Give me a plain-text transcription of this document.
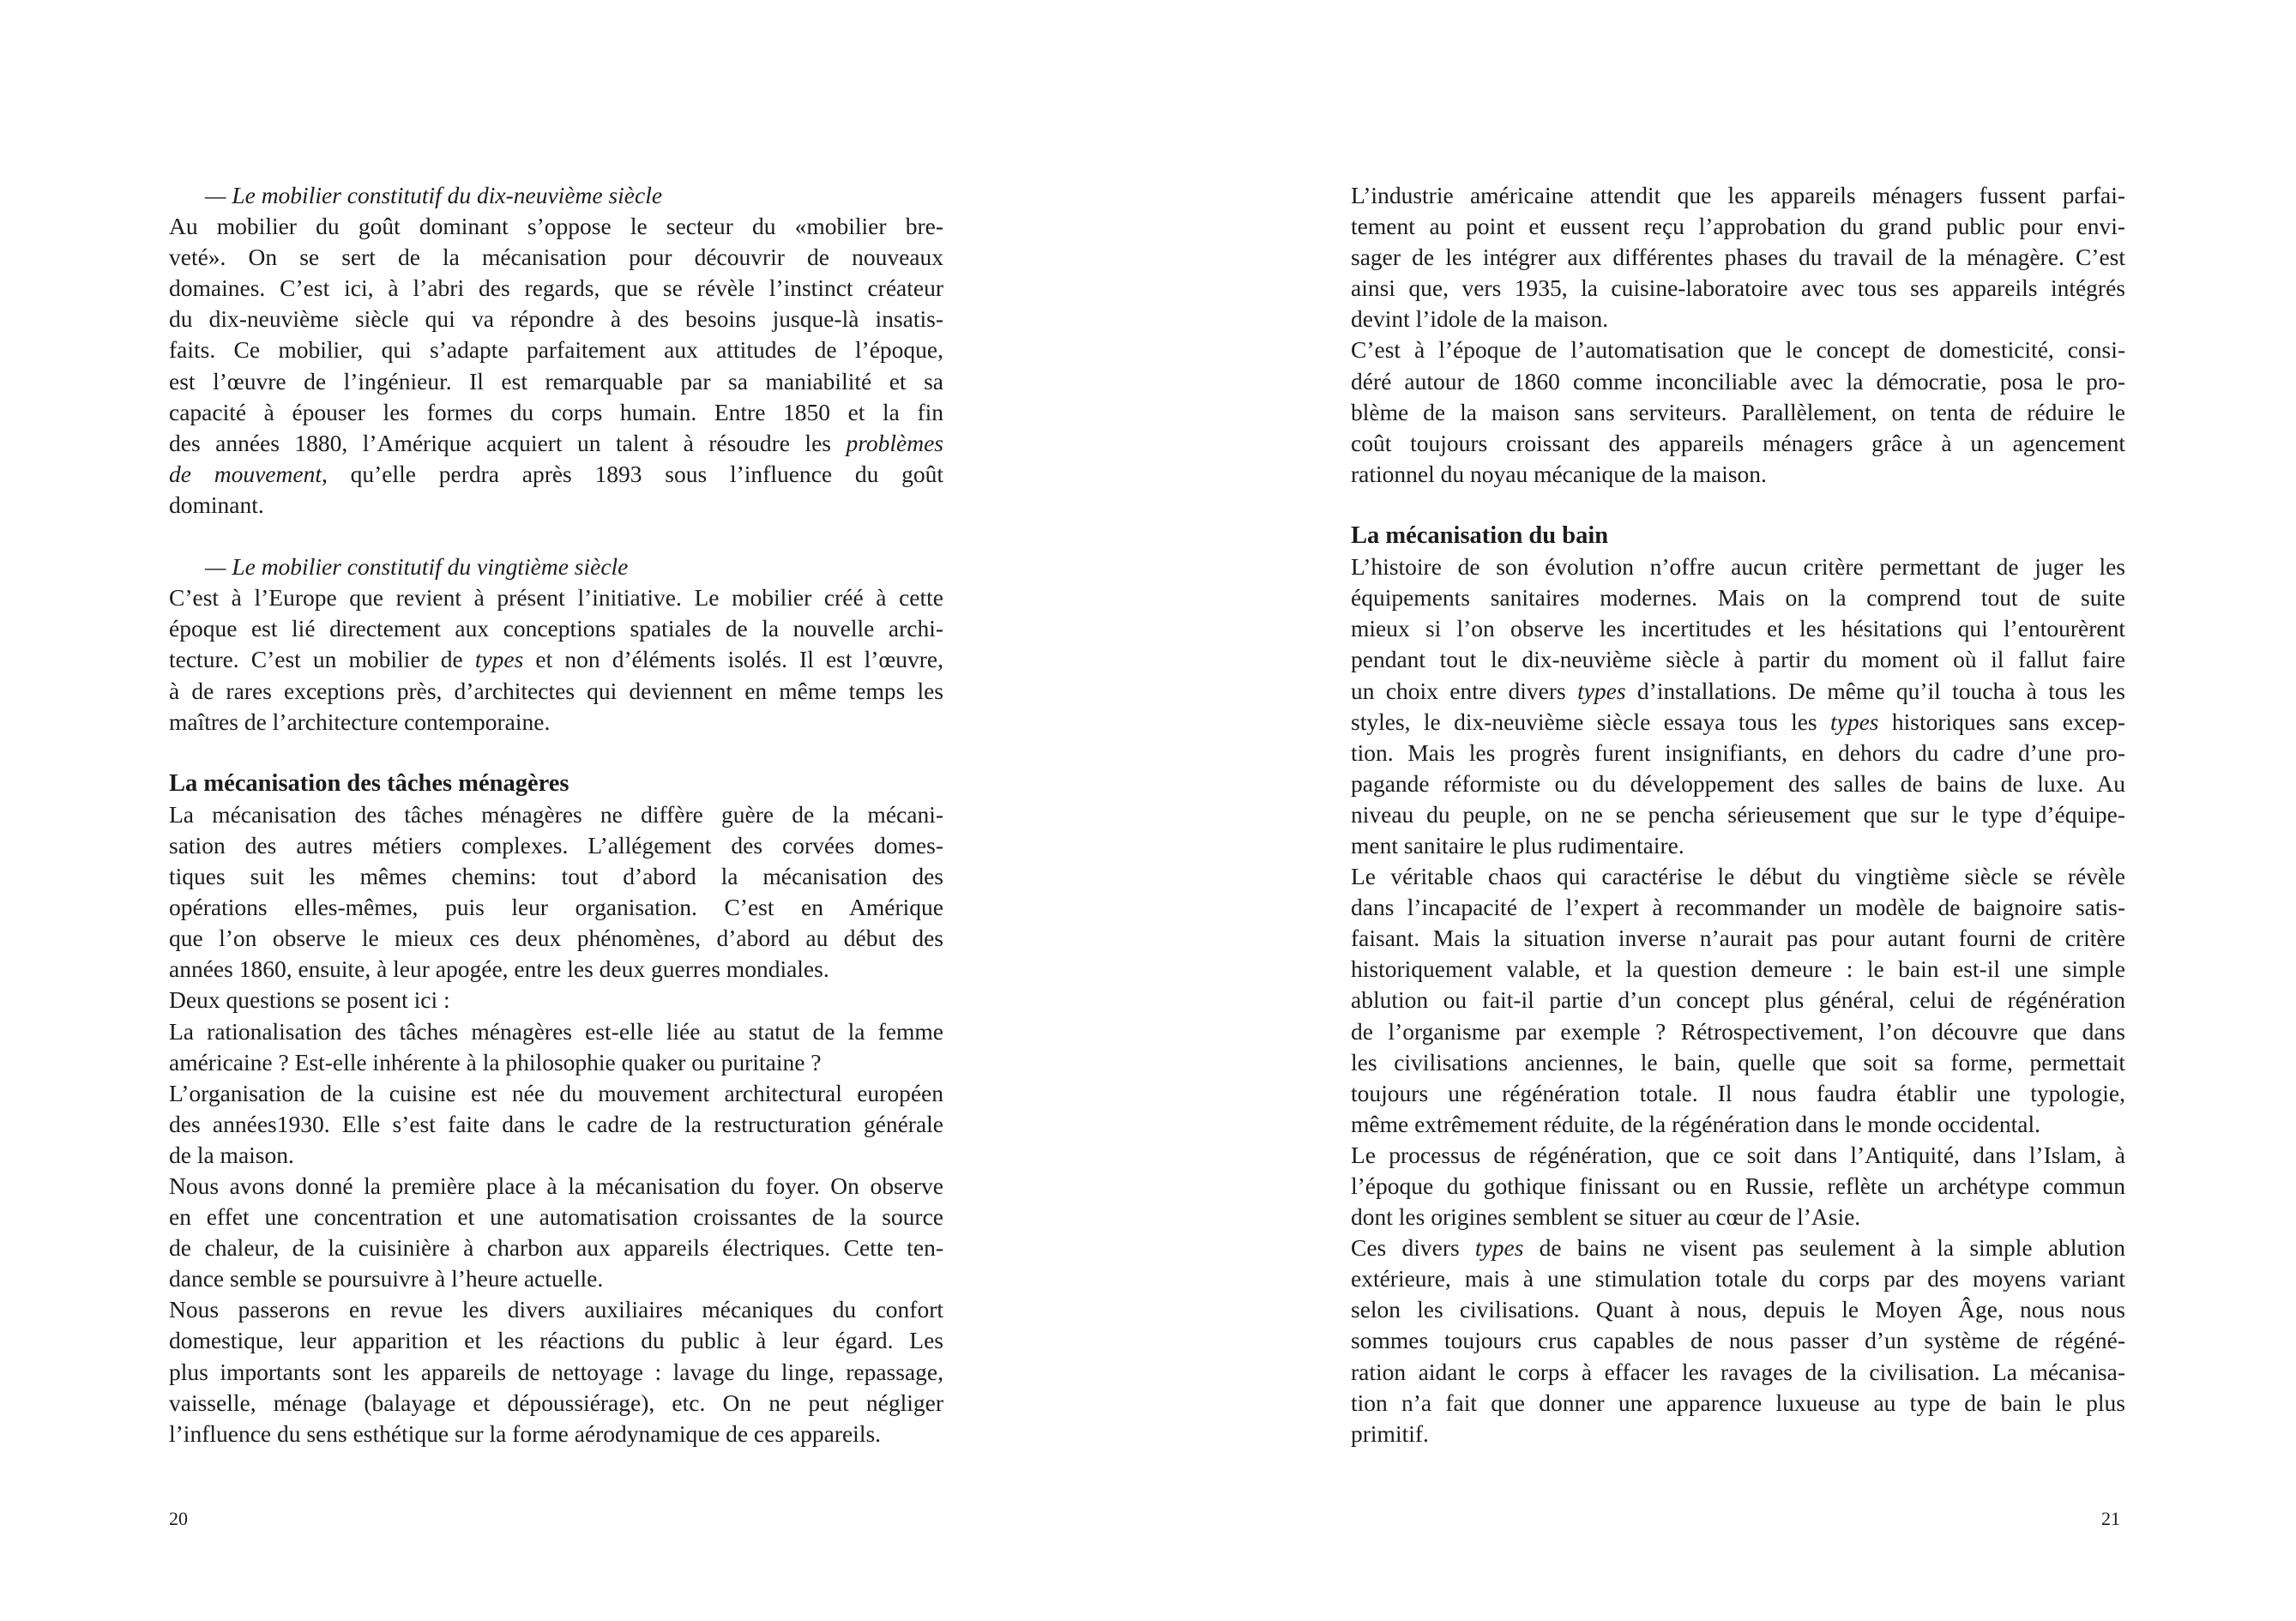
— Le mobilier constitutif du dix-neuvième siècle
Au mobilier du goût dominant s’oppose le secteur du «mobilier bre-
veté». On se sert de la mécanisation pour découvrir de nouveaux
domaines. C’est ici, à l’abri des regards, que se révèle l’instinct créateur
du dix-neuvième siècle qui va répondre à des besoins jusque-là insatis-
faits. Ce mobilier, qui s’adapte parfaitement aux attitudes de l’époque,
est l’œuvre de l’ingénieur. Il est remarquable par sa maniabilité et sa
capacité à épouser les formes du corps humain. Entre 1850 et la fin
des années 1880, l’Amérique acquiert un talent à résoudre les problèmes
de mouvement, qu’elle perdra après 1893 sous l’influence du goût
dominant.
— Le mobilier constitutif du vingtième siècle
C’est à l’Europe que revient à présent l’initiative. Le mobilier créé à cette
époque est lié directement aux conceptions spatiales de la nouvelle archi-
tecture. C’est un mobilier de types et non d’éléments isolés. Il est l’œuvre,
à de rares exceptions près, d’architectes qui deviennent en même temps les
maîtres de l’architecture contemporaine.
La mécanisation des tâches ménagères
La mécanisation des tâches ménagères ne diffère guère de la mécani-
sation des autres métiers complexes. L’allégement des corvées domes-
tiques suit les mêmes chemins: tout d’abord la mécanisation des
opérations elles-mêmes, puis leur organisation. C’est en Amérique
que l’on observe le mieux ces deux phénomènes, d’abord au début des
années 1860, ensuite, à leur apogée, entre les deux guerres mondiales.
Deux questions se posent ici :
La rationalisation des tâches ménagères est-elle liée au statut de la femme
américaine ? Est-elle inhérente à la philosophie quaker ou puritaine ?
L’organisation de la cuisine est née du mouvement architectural européen
des années1930. Elle s’est faite dans le cadre de la restructuration générale
de la maison.
Nous avons donné la première place à la mécanisation du foyer. On observe
en effet une concentration et une automatisation croissantes de la source
de chaleur, de la cuisinière à charbon aux appareils électriques. Cette ten-
dance semble se poursuivre à l’heure actuelle.
Nous passerons en revue les divers auxiliaires mécaniques du confort
domestique, leur apparition et les réactions du public à leur égard. Les
plus importants sont les appareils de nettoyage : lavage du linge, repassage,
vaisselle, ménage (balayage et dépoussiérage), etc. On ne peut négliger
l’influence du sens esthétique sur la forme aérodynamique de ces appareils.
20
L’industrie américaine attendit que les appareils ménagers fussent parfai-
tement au point et eussent reçu l’approbation du grand public pour envi-
sager de les intégrer aux différentes phases du travail de la ménagère. C’est
ainsi que, vers 1935, la cuisine-laboratoire avec tous ses appareils intégrés
devint l’idole de la maison.
C’est à l’époque de l’automatisation que le concept de domesticité, consi-
déré autour de 1860 comme inconciliable avec la démocratie, posa le pro-
blème de la maison sans serviteurs. Parallèlement, on tenta de réduire le
coût toujours croissant des appareils ménagers grâce à un agencement
rationnel du noyau mécanique de la maison.
La mécanisation du bain
L’histoire de son évolution n’offre aucun critère permettant de juger les
équipements sanitaires modernes. Mais on la comprend tout de suite
mieux si l’on observe les incertitudes et les hésitations qui l’entourèrent
pendant tout le dix-neuvième siècle à partir du moment où il fallut faire
un choix entre divers types d’installations. De même qu’il toucha à tous les
styles, le dix-neuvième siècle essaya tous les types historiques sans excep-
tion. Mais les progrès furent insignifiants, en dehors du cadre d’une pro-
pagande réformiste ou du développement des salles de bains de luxe. Au
niveau du peuple, on ne se pencha sérieusement que sur le type d’équipe-
ment sanitaire le plus rudimentaire.
Le véritable chaos qui caractérise le début du vingtième siècle se révèle
dans l’incapacité de l’expert à recommander un modèle de baignoire satis-
faisant. Mais la situation inverse n’aurait pas pour autant fourni de critère
historiquement valable, et la question demeure : le bain est-il une simple
ablution ou fait-il partie d’un concept plus général, celui de régénération
de l’organisme par exemple ? Rétrospectivement, l’on découvre que dans
les civilisations anciennes, le bain, quelle que soit sa forme, permettait
toujours une régénération totale. Il nous faudra établir une typologie,
même extrêmement réduite, de la régénération dans le monde occidental.
Le processus de régénération, que ce soit dans l’Antiquité, dans l’Islam, à
l’époque du gothique finissant ou en Russie, reflète un archétype commun
dont les origines semblent se situer au cœur de l’Asie.
Ces divers types de bains ne visent pas seulement à la simple ablution
extérieure, mais à une stimulation totale du corps par des moyens variant
selon les civilisations. Quant à nous, depuis le Moyen Âge, nous nous
sommes toujours crus capables de nous passer d’un système de régéné-
ration aidant le corps à effacer les ravages de la civilisation. La mécanisa-
tion n’a fait que donner une apparence luxueuse au type de bain le plus
primitif.
21
